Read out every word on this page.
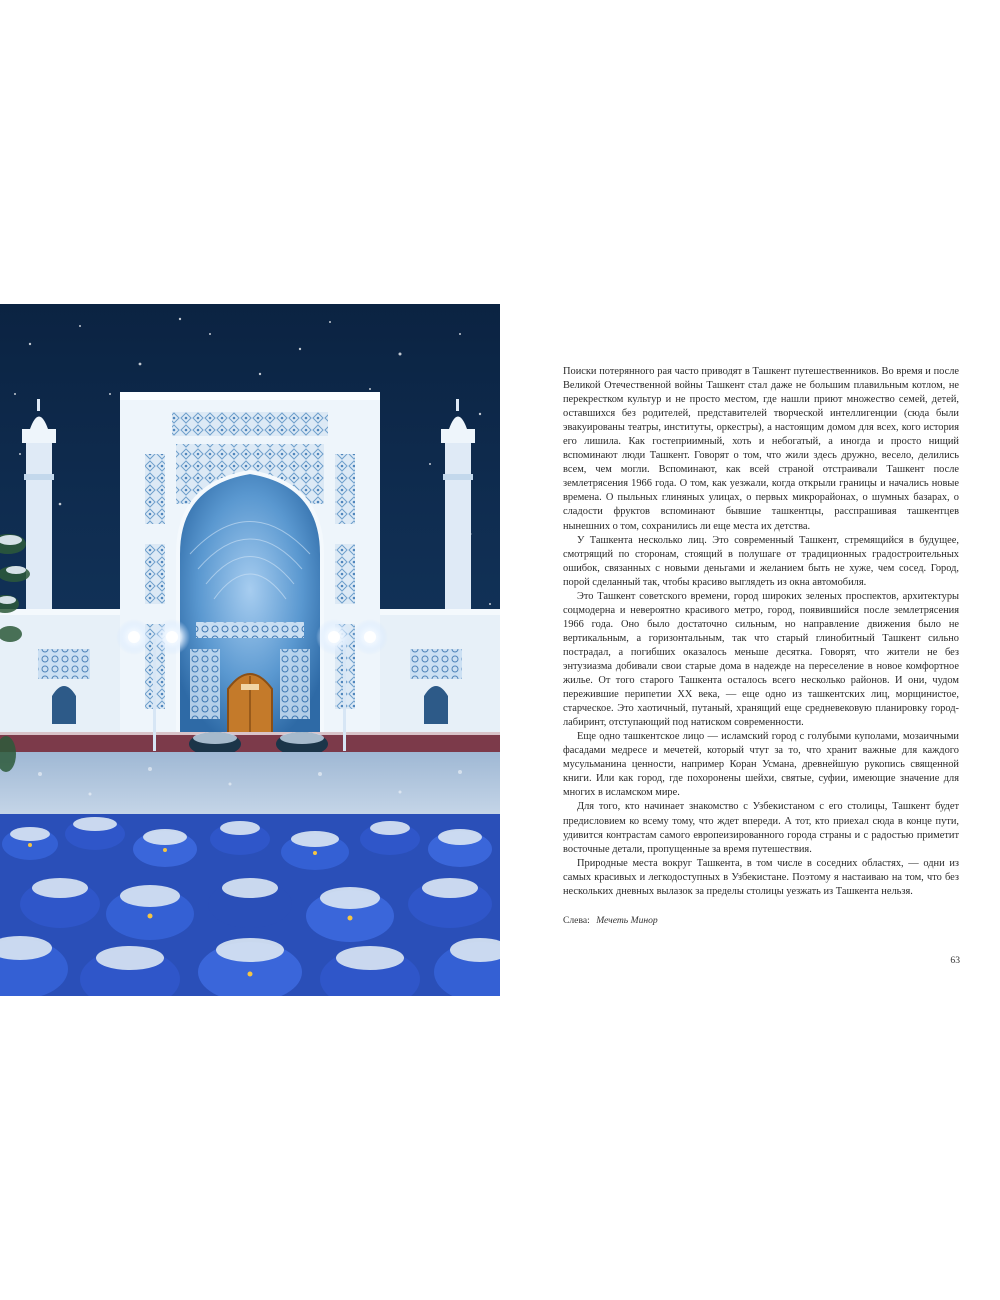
Поиски потерянного рая часто приводят в Ташкент путешественников. Во время и после Великой Отечественной войны Ташкент стал даже не большим плавильным котлом, не перекрестком культур и не просто местом, где нашли приют множество семей, детей, оставшихся без родителей, представителей творческой интеллигенции (сюда были эвакуированы театры, институты, оркестры), а настоящим домом для всех, кого история его лишила. Как гостеприимный, хоть и небогатый, а иногда и просто нищий вспоминают люди Ташкент. Говорят о том, что жили здесь дружно, весело, делились всем, чем могли. Вспоминают, как всей страной отстраивали Ташкент после землетрясения 1966 года. О том, как уезжали, когда открыли границы и начались новые времена. О пыльных глиняных улицах, о первых микрорайонах, о шумных базарах, о сладости фруктов вспоминают бывшие ташкентцы, расспрашивая ташкентцев нынешних о том, сохранились ли еще места их детства.

У Ташкента несколько лиц. Это современный Ташкент, стремящийся в будущее, смотрящий по сторонам, стоящий в полушаге от традиционных градостроительных ошибок, связанных с новыми деньгами и желанием быть не хуже, чем сосед. Город, порой сделанный так, чтобы красиво выглядеть из окна автомобиля.

Это Ташкент советского времени, город широких зеленых проспектов, архитектуры соцмодерна и невероятно красивого метро, город, появившийся после землетрясения 1966 года. Оно было достаточно сильным, но направление движения было не вертикальным, а горизонтальным, так что старый глинобитный Ташкент сильно пострадал, а погибших оказалось меньше десятка. Говорят, что жители не без энтузиазма добивали свои старые дома в надежде на переселение в новое комфортное жилье. От того старого Ташкента осталось всего несколько районов. И они, чудом пережившие перипетии XX века, — еще одно из ташкентских лиц, морщинистое, старческое. Это хаотичный, путаный, хранящий еще средневековую планировку город-лабиринт, отступающий под натиском современности.

Еще одно ташкентское лицо — исламский город с голубыми куполами, мозаичными фасадами медресе и мечетей, который чтут за то, что хранит важные для каждого мусульманина ценности, например Коран Усмана, древнейшую рукопись священной книги. Или как город, где похоронены шейхи, святые, суфии, имеющие значение для многих в исламском мире.

Для того, кто начинает знакомство с Узбекистаном с его столицы, Ташкент будет предисловием ко всему тому, что ждет впереди. А тот, кто приехал сюда в конце пути, удивится контрастам самого европеизированного города страны и с радостью приметит восточные детали, пропущенные за время путешествия.

Природные места вокруг Ташкента, в том числе в соседних областях, — одни из самых красивых и легкодоступных в Узбекистане. Поэтому я настаиваю на том, что без нескольких дневных вылазок за пределы столицы уезжать из Ташкента нельзя.

Слева: Мечеть Минор
63
